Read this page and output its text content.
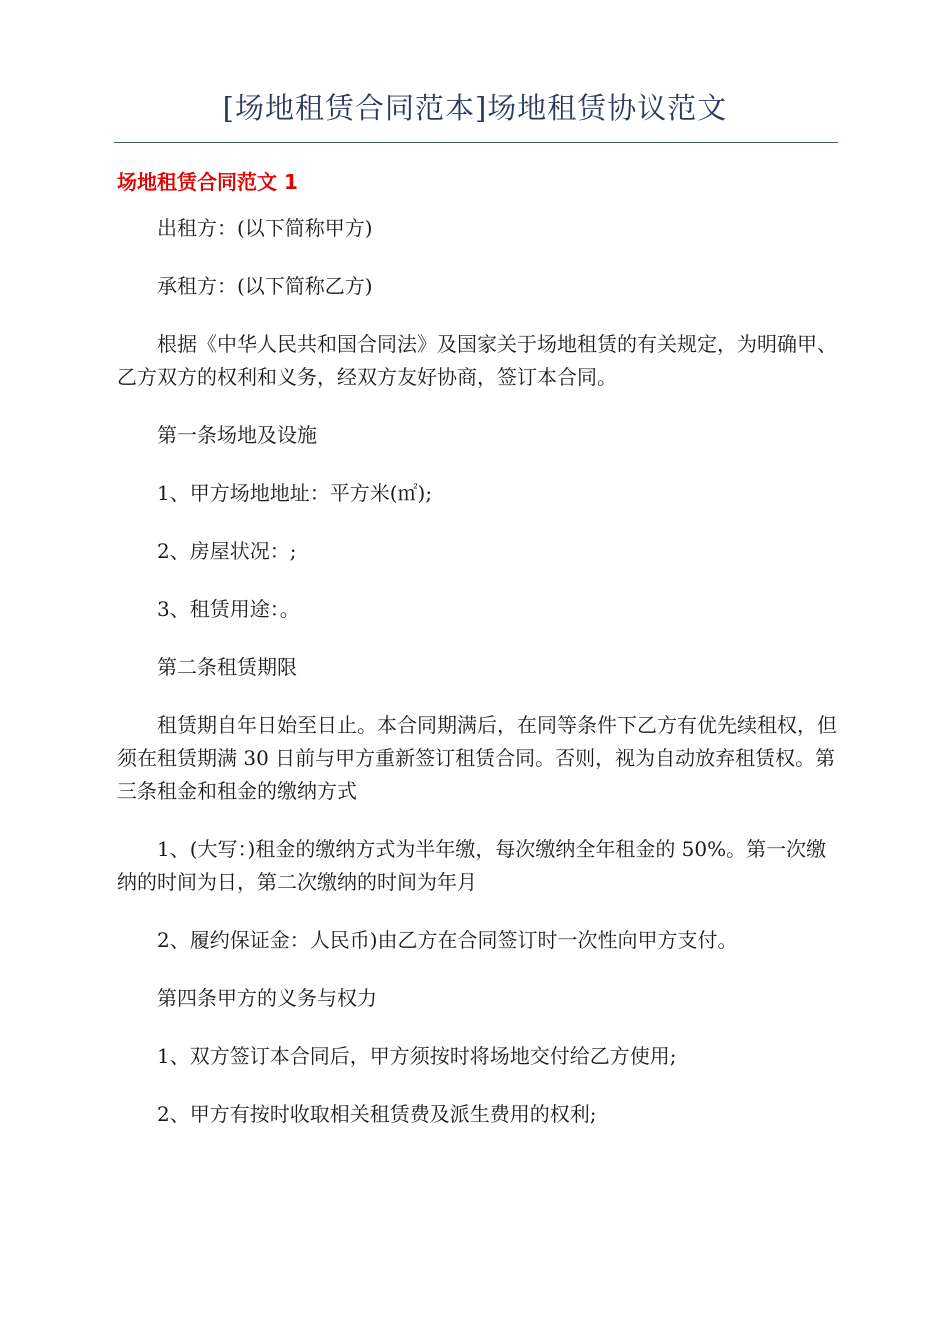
[场地租赁合同范本]场地租赁协议范文
场地租赁合同范文 1

出租方：(以下简称甲方)

承租方：(以下简称乙方)

根据《中华人民共和国合同法》及国家关于场地租赁的有关规定，为明确甲、乙方双方的权利和义务，经双方友好协商，签订本合同。

第一条场地及设施

1、甲方场地地址：平方米(㎡);

2、房屋状况：;

3、租赁用途：。

第二条租赁期限

租赁期自年日始至日止。本合同期满后，在同等条件下乙方有优先续租权，但须在租赁期满 30 日前与甲方重新签订租赁合同。否则，视为自动放弃租赁权。第三条租金和租金的缴纳方式

1、(大写：)租金的缴纳方式为半年缴，每次缴纳全年租金的 50%。第一次缴纳的时间为日，第二次缴纳的时间为年月

2、履约保证金：人民币)由乙方在合同签订时一次性向甲方支付。

第四条甲方的义务与权力

1、双方签订本合同后，甲方须按时将场地交付给乙方使用;

2、甲方有按时收取相关租赁费及派生费用的权利;
